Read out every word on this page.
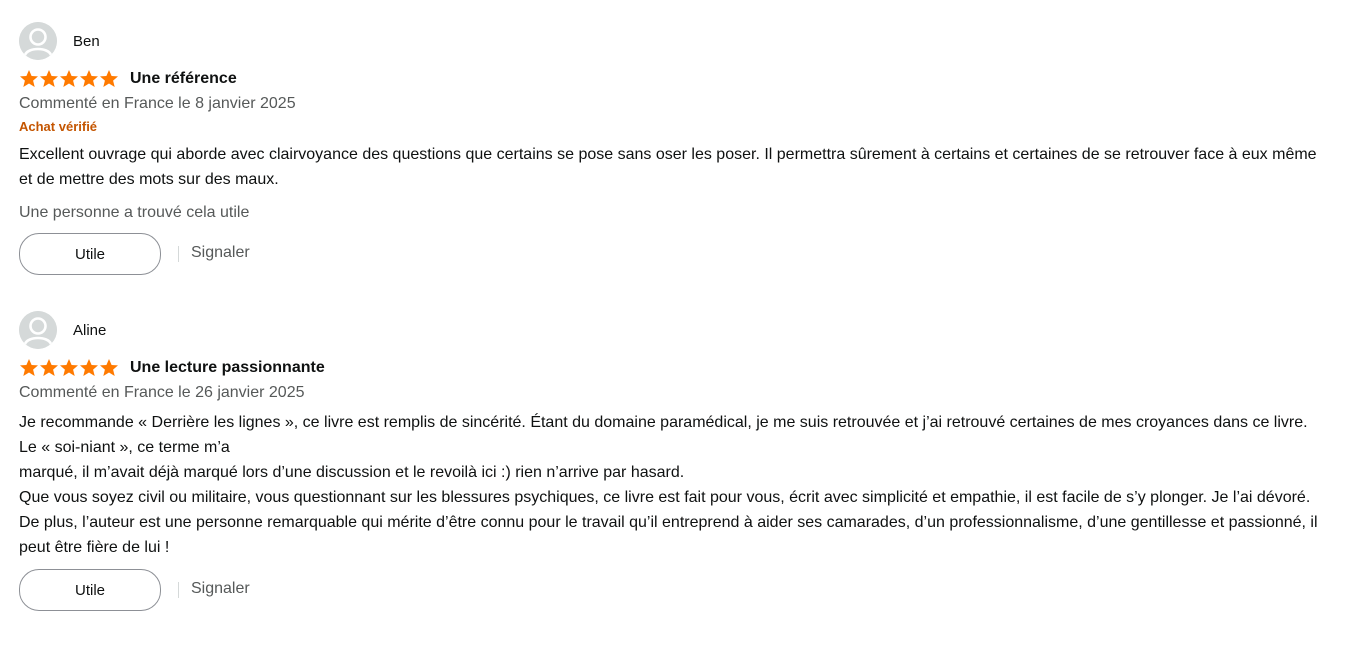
Ben
Une référence
Commenté en France le 8 janvier 2025
Achat vérifié

Excellent ouvrage qui aborde avec clairvoyance des questions que certains se pose sans oser les poser. Il permettra sûrement à certains et certaines de se retrouver face à eux même et de mettre des mots sur des maux.

Une personne a trouvé cela utile
Utile	Signaler
Aline
Une lecture passionnante
Commenté en France le 26 janvier 2025

Je recommande « Derrière les lignes », ce livre est remplis de sincérité. Étant du domaine paramédical, je me suis retrouvée et j’ai retrouvé certaines de mes croyances dans ce livre. Le « soi-niant », ce terme m’a

marqué, il m’avait déjà marqué lors d’une discussion et le revoilà ici :) rien n’arrive par hasard.

Que vous soyez civil ou militaire, vous questionnant sur les blessures psychiques, ce livre est fait pour vous, écrit avec simplicité et empathie, il est facile de s’y plonger. Je l’ai dévoré.

De plus, l’auteur est une personne remarquable qui mérite d’être connu pour le travail qu’il entreprend à aider ses camarades, d’un professionnalisme, d’une gentillesse et passionné, il peut être fière de lui !

Utile	Signaler
